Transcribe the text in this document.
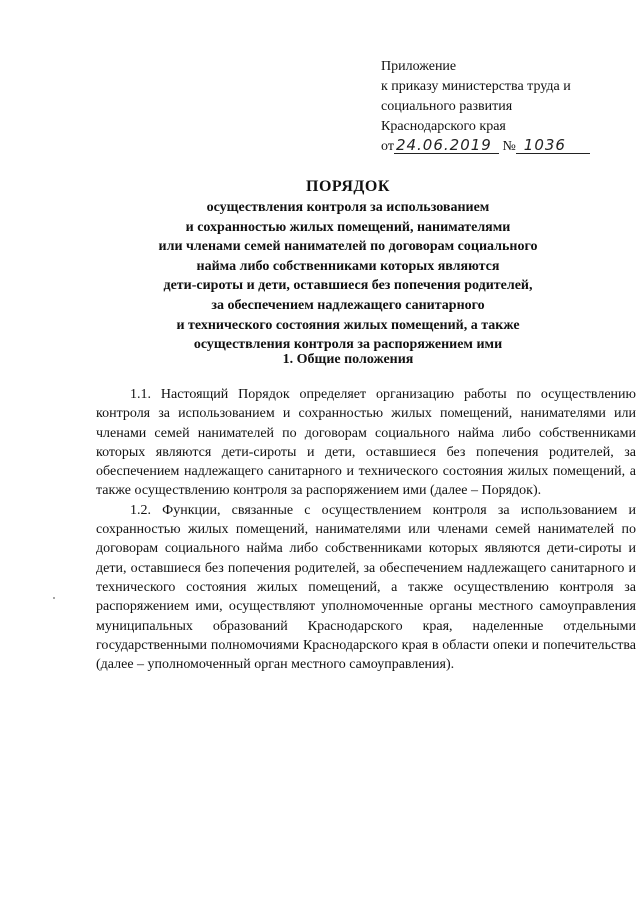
Приложение
к приказу министерства труда и
социального развития
Краснодарского края
от 24.06.2019 № 1036
ПОРЯДОК
осуществления контроля за использованием
и сохранностью жилых помещений, нанимателями
или членами семей нанимателей по договорам социального
найма либо собственниками которых являются
дети-сироты и дети, оставшиеся без попечения родителей,
за обеспечением надлежащего санитарного
и технического состояния жилых помещений, а также
осуществления контроля за распоряжением ими
1. Общие положения

1.1. Настоящий Порядок определяет организацию работы по осуществлению контроля за использованием и сохранностью жилых помещений, нанимателями или членами семей нанимателей по договорам социального найма либо собственниками которых являются дети-сироты и дети, оставшиеся без попечения родителей, за обеспечением надлежащего санитарного и технического состояния жилых помещений, а также осуществлению контроля за распоряжением ими (далее – Порядок).

1.2. Функции, связанные с осуществлением контроля за использованием и сохранностью жилых помещений, нанимателями или членами семей нанимателей по договорам социального найма либо собственниками которых являются дети-сироты и дети, оставшиеся без попечения родителей, за обеспечением надлежащего санитарного и технического состояния жилых помещений, а также осуществлению контроля за распоряжением ими, осуществляют уполномоченные органы местного самоуправления муниципальных образований Краснодарского края, наделенные отдельными государственными полномочиями Краснодарского края в области опеки и попечительства (далее – уполномоченный орган местного самоуправления).
